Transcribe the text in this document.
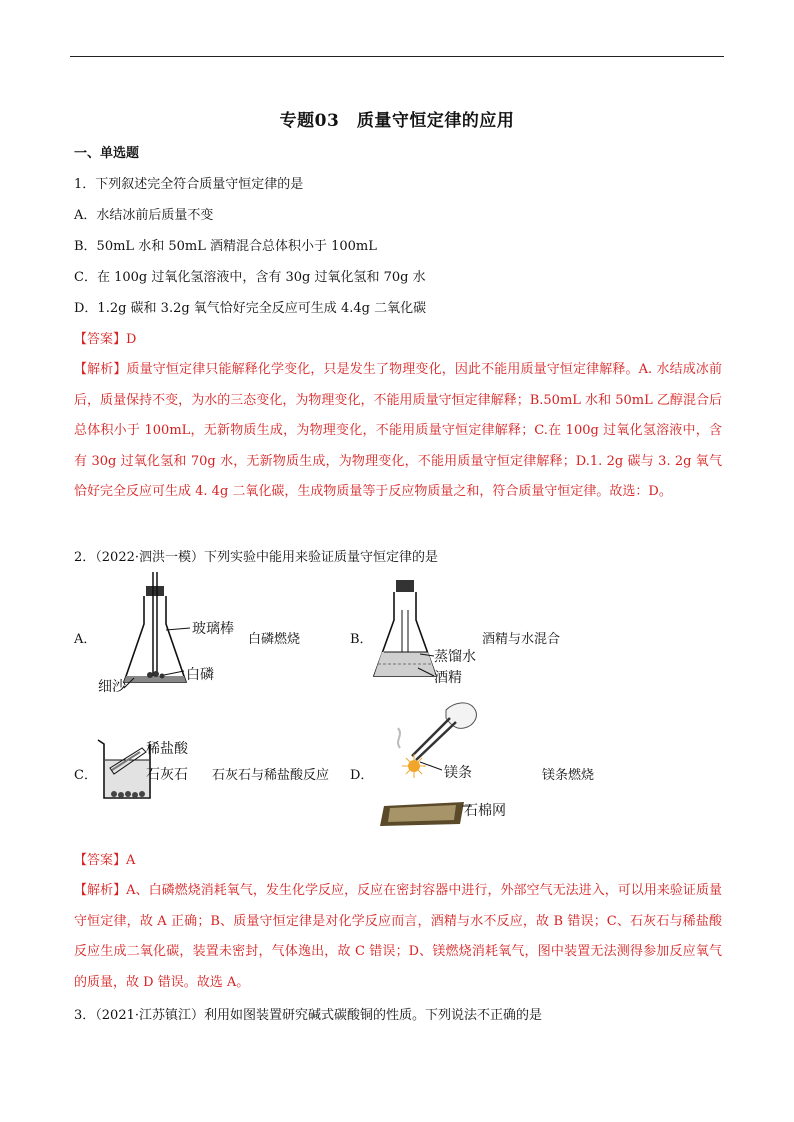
专题03　质量守恒定律的应用
一、单选题
1．下列叙述完全符合质量守恒定律的是
A．水结冰前后质量不变
B．50mL 水和 50mL 酒精混合总体积小于 100mL
C．在 100g 过氧化氢溶液中，含有 30g 过氧化氢和 70g 水
D．1.2g 碳和 3.2g 氧气恰好完全反应可生成 4.4g 二氧化碳
【答案】D
【解析】质量守恒定律只能解释化学变化，只是发生了物理变化，因此不能用质量守恒定律解释。A. 水结成冰前后，质量保持不变，为水的三态变化，为物理变化，不能用质量守恒定律解释；B.50mL 水和 50mL 乙醇混合后总体积小于 100mL，无新物质生成，为物理变化，不能用质量守恒定律解释；C.在 100g 过氧化氢溶液中，含有 30g 过氧化氢和 70g 水，无新物质生成，为物理变化，不能用质量守恒定律解释；D.1. 2g 碳与 3. 2g 氧气恰好完全反应可生成 4. 4g 二氧化碳，生成物质量等于反应物质量之和，符合质量守恒定律。故选：D。
2．（2022·泗洪一模）下列实验中能用来验证质量守恒定律的是
A．
玻璃棒
白磷
细沙
白磷燃烧	B．
蒸馏水
酒精
酒精与水混合
C．
稀盐酸
石灰石 石灰石与稀盐酸反应 D．	镁条
石棉网
镁条燃烧
【答案】A
【解析】A、白磷燃烧消耗氧气，发生化学反应，反应在密封容器中进行，外部空气无法进入，可以用来验证质量守恒定律，故 A 正确；B、质量守恒定律是对化学反应而言，酒精与水不反应，故 B 错误；C、石灰石与稀盐酸反应生成二氧化碳，装置未密封，气体逸出，故 C 错误；D、镁燃烧消耗氧气，图中装置无法测得参加反应氧气的质量，故 D 错误。故选 A。
3．（2021·江苏镇江）利用如图装置研究碱式碳酸铜的性质。下列说法不正确的是
